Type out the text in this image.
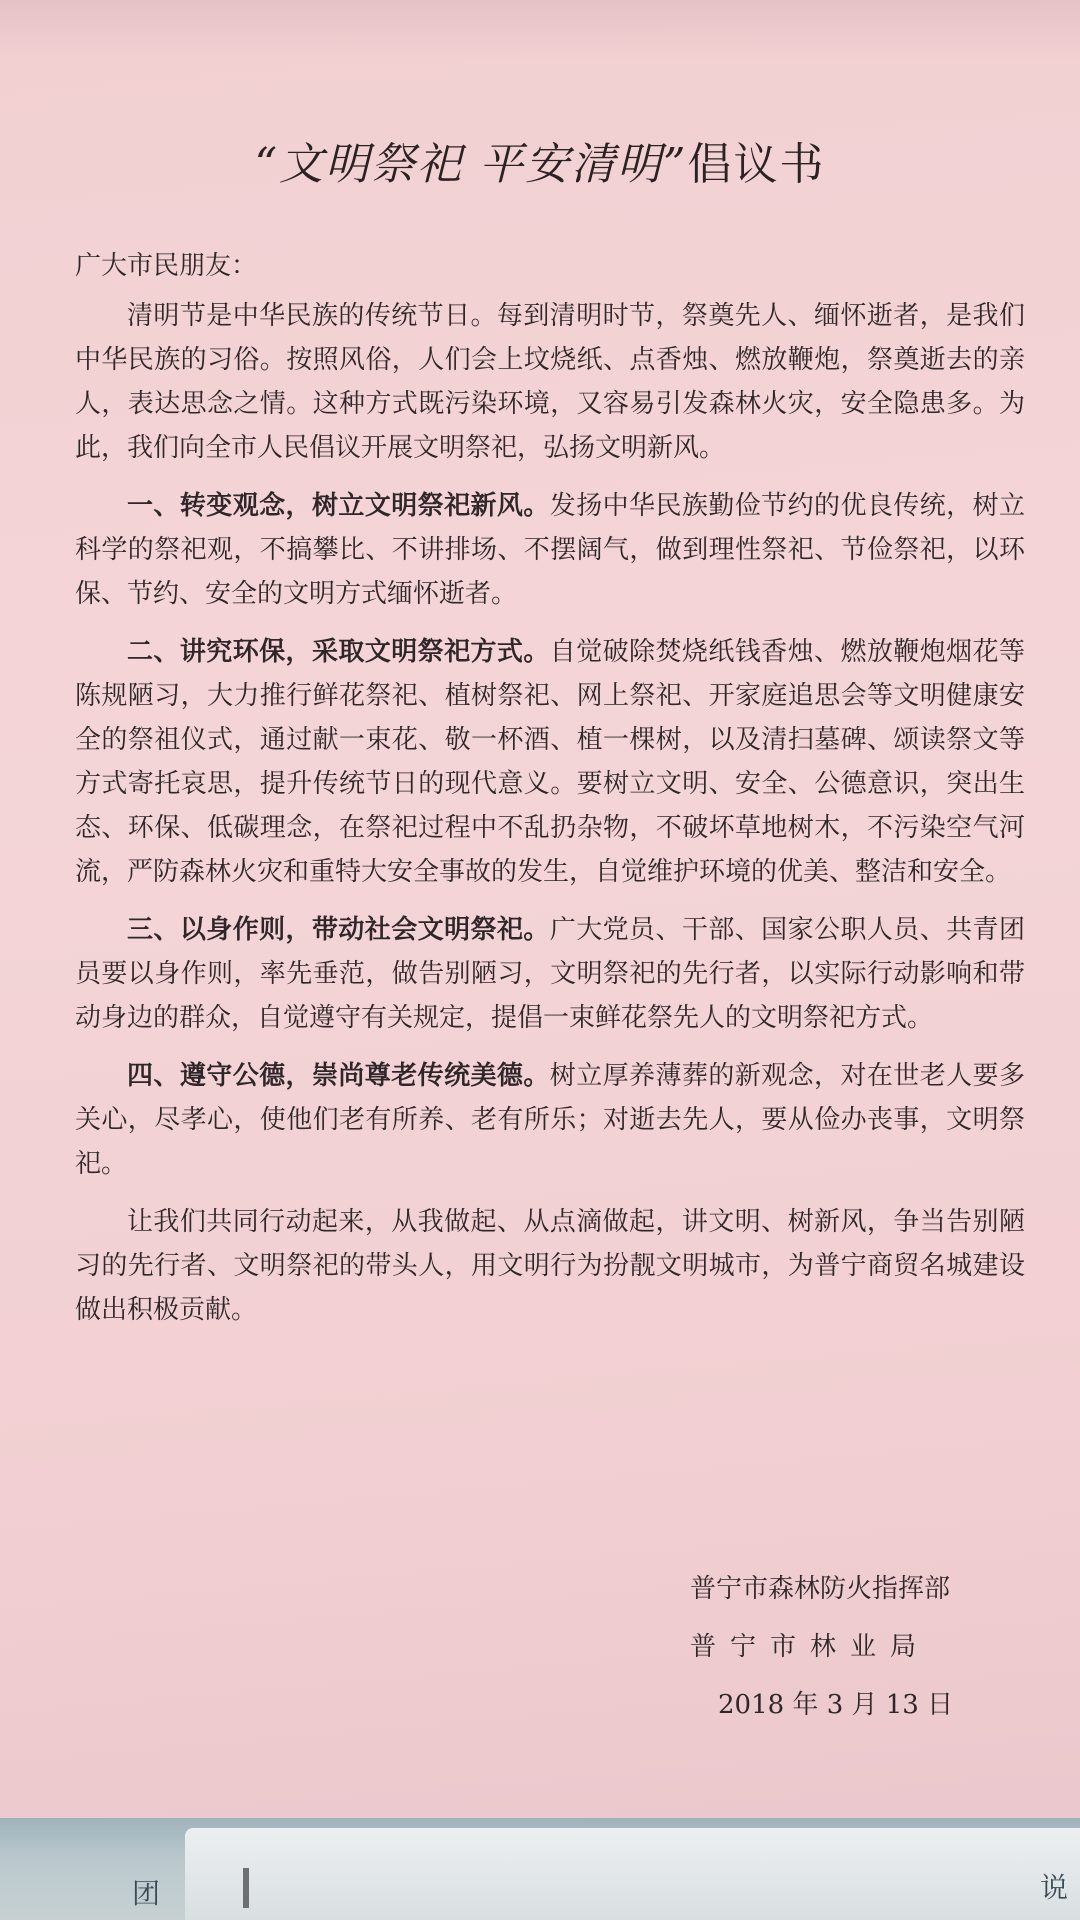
“文明祭祀 平安清明”倡议书

广大市民朋友：

清明节是中华民族的传统节日。每到清明时节，祭奠先人、缅怀逝者，是我们中华民族的习俗。按照风俗，人们会上坟烧纸、点香烛、燃放鞭炮，祭奠逝去的亲人，表达思念之情。这种方式既污染环境，又容易引发森林火灾，安全隐患多。为此，我们向全市人民倡议开展文明祭祀，弘扬文明新风。

一、转变观念，树立文明祭祀新风。发扬中华民族勤俭节约的优良传统，树立科学的祭祀观，不搞攀比、不讲排场、不摆阔气，做到理性祭祀、节俭祭祀，以环保、节约、安全的文明方式缅怀逝者。

二、讲究环保，采取文明祭祀方式。自觉破除焚烧纸钱香烛、燃放鞭炮烟花等陈规陋习，大力推行鲜花祭祀、植树祭祀、网上祭祀、开家庭追思会等文明健康安全的祭祖仪式，通过献一束花、敬一杯酒、植一棵树，以及清扫墓碑、颂读祭文等方式寄托哀思，提升传统节日的现代意义。要树立文明、安全、公德意识，突出生态、环保、低碳理念，在祭祀过程中不乱扔杂物，不破坏草地树木，不污染空气河流，严防森林火灾和重特大安全事故的发生，自觉维护环境的优美、整洁和安全。

三、以身作则，带动社会文明祭祀。广大党员、干部、国家公职人员、共青团员要以身作则，率先垂范，做告别陋习，文明祭祀的先行者，以实际行动影响和带动身边的群众，自觉遵守有关规定，提倡一束鲜花祭先人的文明祭祀方式。

四、遵守公德，崇尚尊老传统美德。树立厚养薄葬的新观念，对在世老人要多关心，尽孝心，使他们老有所养、老有所乐；对逝去先人，要从俭办丧事，文明祭祀。

让我们共同行动起来，从我做起、从点滴做起，讲文明、树新风，争当告别陋习的先行者、文明祭祀的带头人，用文明行为扮靓文明城市，为普宁商贸名城建设做出积极贡献。

普宁市森林防火指挥部
普宁市林业局
2018 年 3 月 13 日
团	说
